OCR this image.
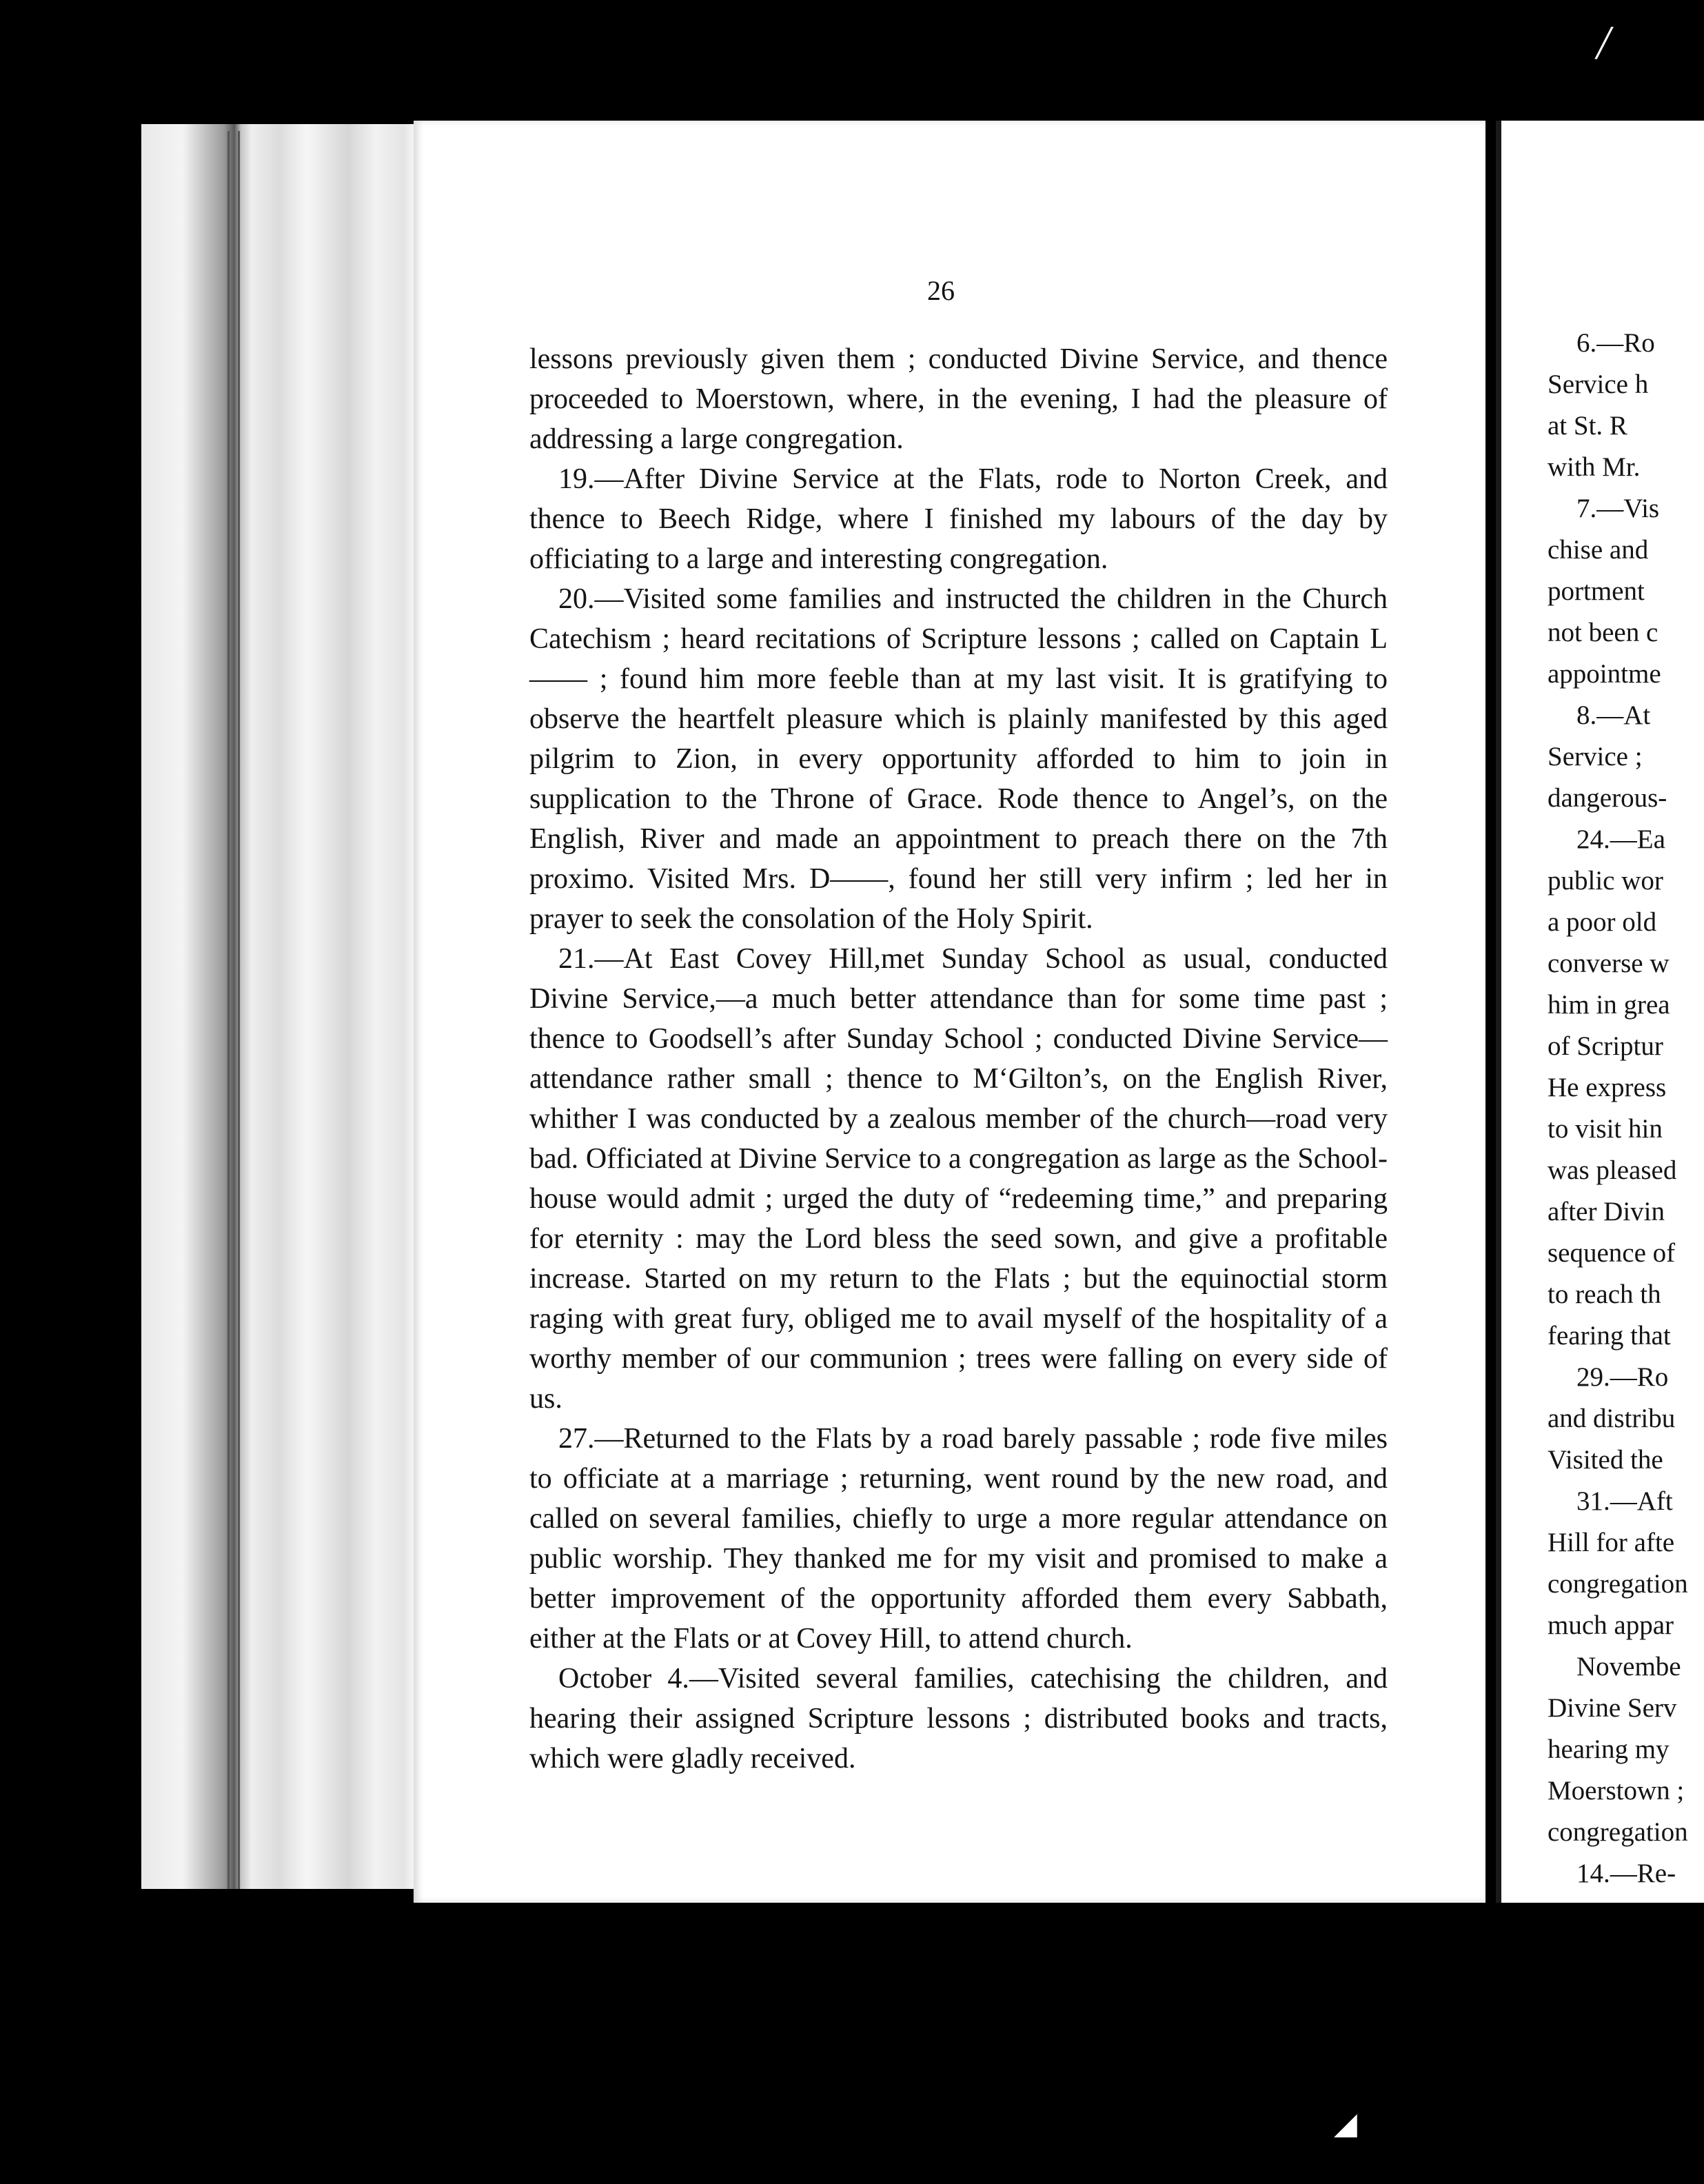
26

lessons previously given them ; conducted Divine Service, and thence proceeded to Moerstown, where, in the evening, I had the pleasure of addressing a large congregation.

19.—After Divine Service at the Flats, rode to Norton Creek, and thence to Beech Ridge, where I finished my labours of the day by officiating to a large and interesting congregation.

20.—Visited some families and instructed the children in the Church Catechism ; heard recitations of Scripture lessons ; called on Captain L—— ; found him more feeble than at my last visit. It is gratifying to observe the heartfelt pleasure which is plainly manifested by this aged pilgrim to Zion, in every opportunity afforded to him to join in supplication to the Throne of Grace. Rode thence to Angel’s, on the English, River and made an appointment to preach there on the 7th proximo. Visited Mrs. D——, found her still very infirm ; led her in prayer to seek the consolation of the Holy Spirit.

21.—At East Covey Hill,met Sunday School as usual, conducted Divine Service,—a much better attendance than for some time past ; thence to Goodsell’s after Sunday School ; conducted Divine Service—attendance rather small ; thence to M‘Gilton’s, on the English River, whither I was conducted by a zealous member of the church—road very bad. Officiated at Divine Service to a congregation as large as the School-house would admit ; urged the duty of “redeeming time,” and preparing for eternity : may the Lord bless the seed sown, and give a profitable increase. Started on my return to the Flats ; but the equinoctial storm raging with great fury, obliged me to avail myself of the hospitality of a worthy member of our communion ; trees were falling on every side of us.

27.—Returned to the Flats by a road barely passable ; rode five miles to officiate at a marriage ; returning, went round by the new road, and called on several families, chiefly to urge a more regular attendance on public worship. They thanked me for my visit and promised to make a better improvement of the opportunity afforded them every Sabbath, either at the Flats or at Covey Hill, to attend church.

October 4.—Visited several families, catechising the children, and hearing their assigned Scripture lessons ; distributed books and tracts, which were gladly received.

6.—Ro
Service h
at St. R
with Mr.
7.—Vis
chise and
portment
not been c
appointme
8.—At
Service ;
dangerous-
24.—Ea
public wor
a poor old
converse w
him in grea
of Scriptur
He express
to visit hin
was pleased
after Divin
sequence of
to reach th
fearing that
29.—Ro
and distribu
Visited the
31.—Aft
Hill for afte
congregation
much appar
Novembe
Divine Serv
hearing my
Moerstown ;
congregation
14.—Re-
╱
◢
